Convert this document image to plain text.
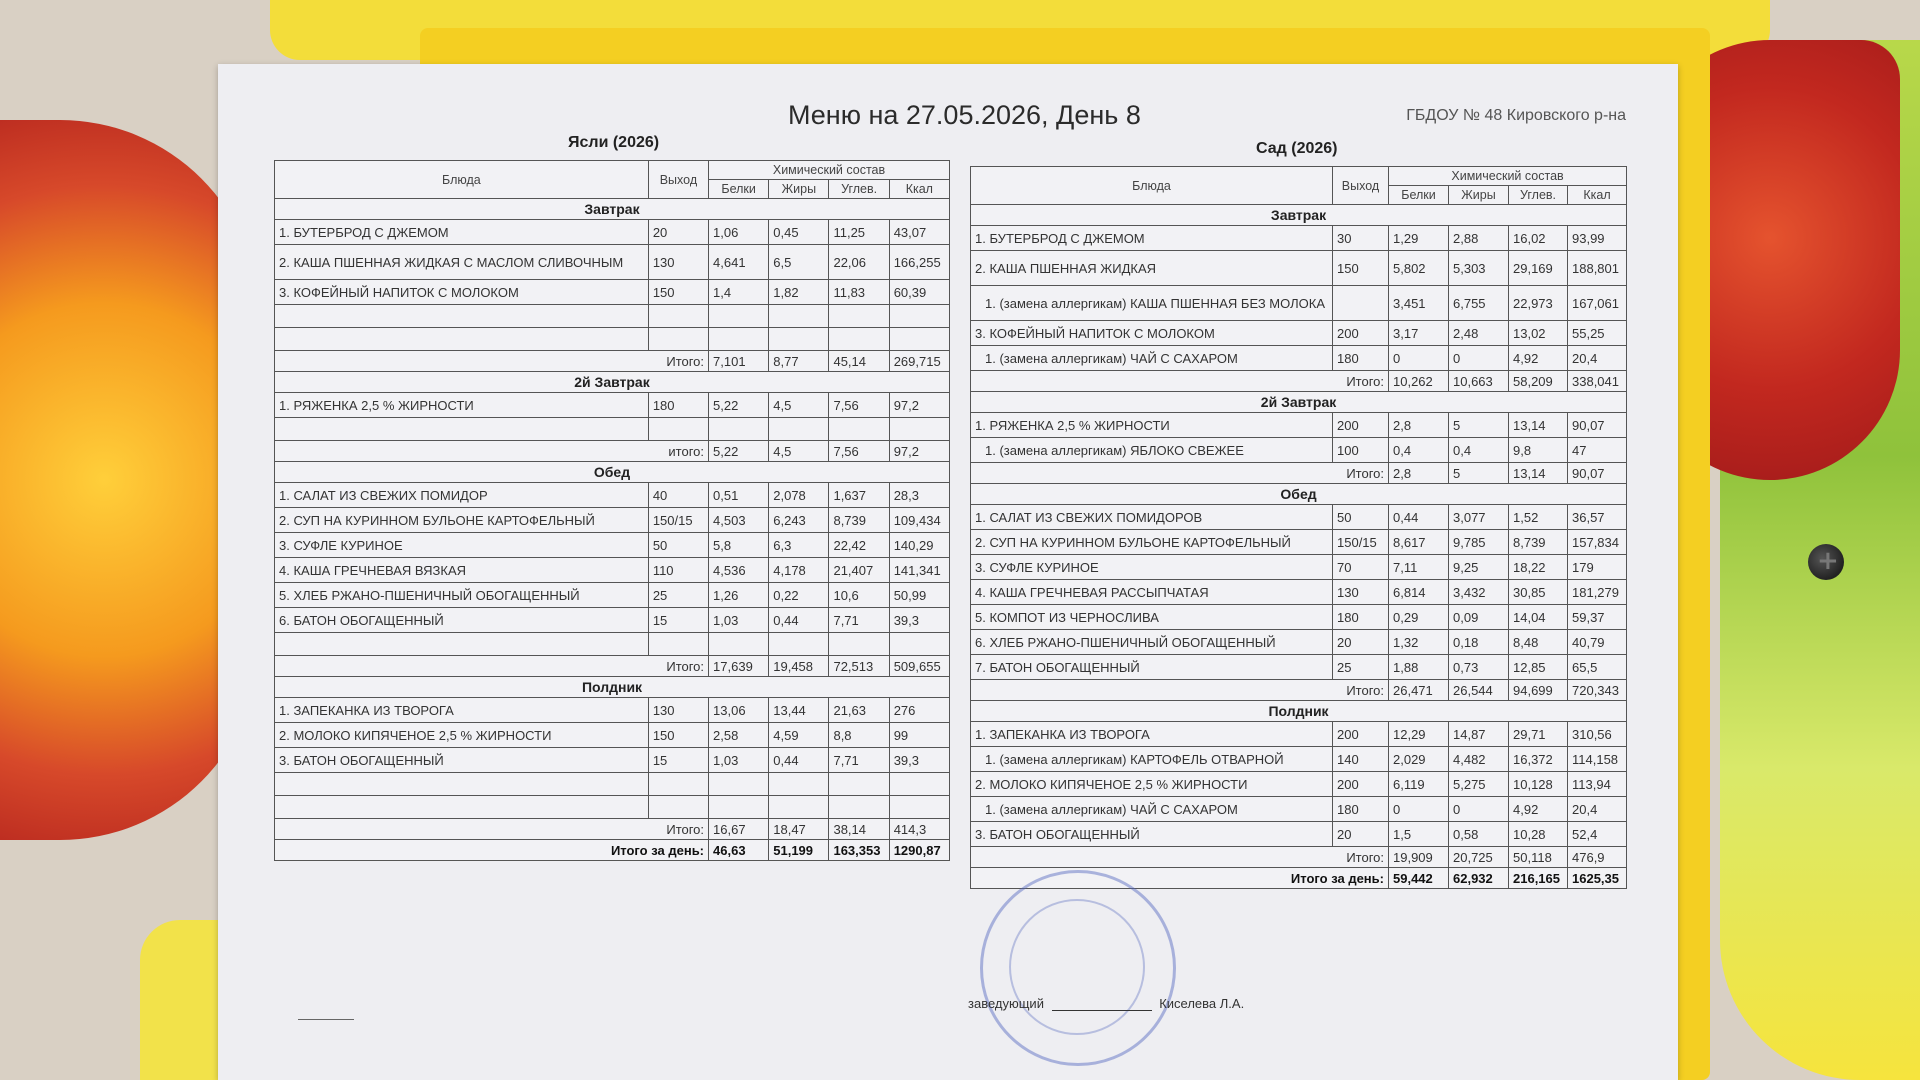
+
Меню на 27.05.2026, День 8	ГБДОУ № 48 Кировского р-на
Ясли (2026)	Сад (2026)
Блюда	Выход	Химический состав			
		Белки	Жиры	Углев.	Ккал
Завтрак					
1. БУТЕРБРОД С ДЖЕМОМ	20	1,06	0,45	11,25	43,07
2. КАША ПШЕННАЯ ЖИДКАЯ С МАСЛОМ СЛИВОЧНЫМ	130	4,641	6,5	22,06	166,255
3. КОФЕЙНЫЙ НАПИТОК С МОЛОКОМ	150	1,4	1,82	11,83	60,39

Итого:		7,101	8,77	45,14	269,715
2й Завтрак					
1. РЯЖЕНКА 2,5 % ЖИРНОСТИ	180	5,22	4,5	7,56	97,2

итого:		5,22	4,5	7,56	97,2
Обед					
1. САЛАТ ИЗ СВЕЖИХ ПОМИДОР	40	0,51	2,078	1,637	28,3
2. СУП НА КУРИННОМ БУЛЬОНЕ КАРТОФЕЛЬНЫЙ	150/15	4,503	6,243	8,739	109,434
3. СУФЛЕ КУРИНОЕ	50	5,8	6,3	22,42	140,29
4. КАША ГРЕЧНЕВАЯ ВЯЗКАЯ	110	4,536	4,178	21,407	141,341
5. ХЛЕБ РЖАНО-ПШЕНИЧНЫЙ ОБОГАЩЕННЫЙ	25	1,26	0,22	10,6	50,99
6. БАТОН ОБОГАЩЕННЫЙ	15	1,03	0,44	7,71	39,3

Итого:		17,639	19,458	72,513	509,655
Полдник					
1. ЗАПЕКАНКА ИЗ ТВОРОГА	130	13,06	13,44	21,63	276
2. МОЛОКО КИПЯЧЕНОЕ 2,5 % ЖИРНОСТИ	150	2,58	4,59	8,8	99
3. БАТОН ОБОГАЩЕННЫЙ	15	1,03	0,44	7,71	39,3

Итого:		16,67	18,47	38,14	414,3
Итого за день:		46,63	51,199	163,353	1290,87
Блюда	Выход	Химический состав			
		Белки	Жиры	Углев.	Ккал
Завтрак					
1. БУТЕРБРОД С ДЖЕМОМ	30	1,29	2,88	16,02	93,99
2. КАША ПШЕННАЯ ЖИДКАЯ	150	5,802	5,303	29,169	188,801
1. (замена аллергикам) КАША ПШЕННАЯ БЕЗ МОЛОКА		3,451	6,755	22,973	167,061
3. КОФЕЙНЫЙ НАПИТОК С МОЛОКОМ	200	3,17	2,48	13,02	55,25
1. (замена аллергикам) ЧАЙ С САХАРОМ	180	0	0	4,92	20,4
Итого:		10,262	10,663	58,209	338,041
2й Завтрак					
1. РЯЖЕНКА 2,5 % ЖИРНОСТИ	200	2,8	5	13,14	90,07
1. (замена аллергикам) ЯБЛОКО СВЕЖЕЕ	100	0,4	0,4	9,8	47
Итого:		2,8	5	13,14	90,07
Обед					
1. САЛАТ ИЗ СВЕЖИХ ПОМИДОРОВ	50	0,44	3,077	1,52	36,57
2. СУП НА КУРИННОМ БУЛЬОНЕ КАРТОФЕЛЬНЫЙ	150/15	8,617	9,785	8,739	157,834
3. СУФЛЕ КУРИНОЕ	70	7,11	9,25	18,22	179
4. КАША ГРЕЧНЕВАЯ РАССЫПЧАТАЯ	130	6,814	3,432	30,85	181,279
5. КОМПОТ ИЗ ЧЕРНОСЛИВА	180	0,29	0,09	14,04	59,37
6. ХЛЕБ РЖАНО-ПШЕНИЧНЫЙ ОБОГАЩЕННЫЙ	20	1,32	0,18	8,48	40,79
7. БАТОН ОБОГАЩЕННЫЙ	25	1,88	0,73	12,85	65,5
Итого:		26,471	26,544	94,699	720,343
Полдник					
1. ЗАПЕКАНКА ИЗ ТВОРОГА	200	12,29	14,87	29,71	310,56
1. (замена аллергикам) КАРТОФЕЛЬ ОТВАРНОЙ	140	2,029	4,482	16,372	114,158
2. МОЛОКО КИПЯЧЕНОЕ 2,5 % ЖИРНОСТИ	200	6,119	5,275	10,128	113,94
1. (замена аллергикам) ЧАЙ С САХАРОМ	180	0	0	4,92	20,4
3. БАТОН ОБОГАЩЕННЫЙ	20	1,5	0,58	10,28	52,4
Итого:		19,909	20,725	50,118	476,9
Итого за день:		59,442	62,932	216,165	1625,35
заведующий	Киселева Л.А.
